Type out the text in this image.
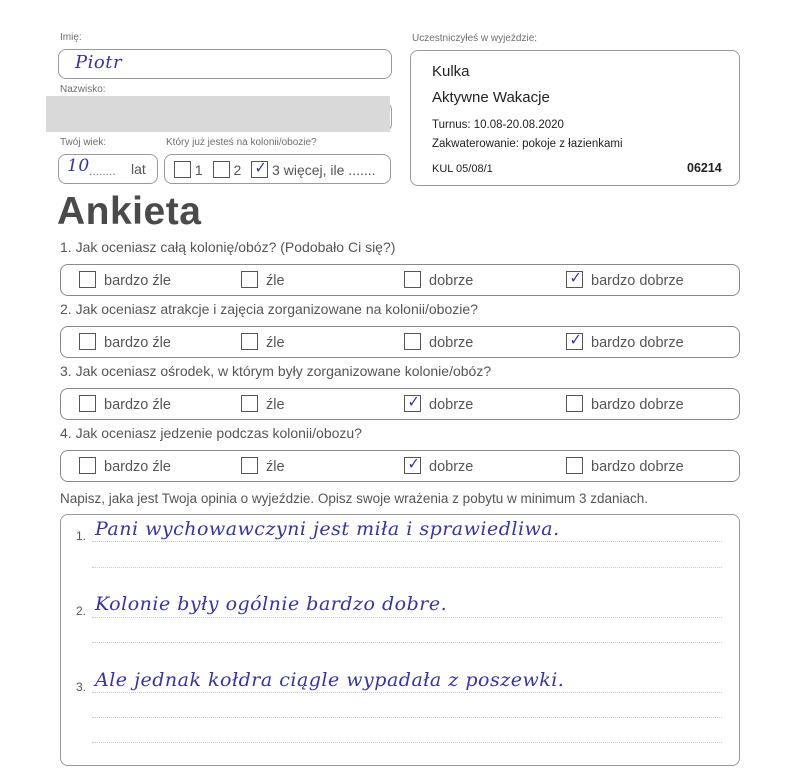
Imię:
Piotr
Nazwisko:
Twój wiek:
10 ........ lat
Który już jesteś na kolonii/obozie?
1 2 ✓ 3 więcej, ile .......
Uczestniczyłeś w wyjeździe:
Kulka
Aktywne Wakacje
Turnus: 10.08-20.08.2020
Zakwaterowanie: pokoje z łazienkami
KUL 05/08/1	06214
Ankieta
1. Jak oceniasz całą kolonię/obóz? (Podobało Ci się?)
bardzo źle	źle	dobrze	✓ bardzo dobrze
2. Jak oceniasz atrakcje i zajęcia zorganizowane na kolonii/obozie?
bardzo źle	źle	dobrze	✓ bardzo dobrze
3. Jak oceniasz ośrodek, w którym były zorganizowane kolonie/obóz?
bardzo źle	źle	✓ dobrze	bardzo dobrze
4. Jak oceniasz jedzenie podczas kolonii/obozu?
bardzo źle	źle	✓ dobrze	bardzo dobrze
Napisz, jaka jest Twoja opinia o wyjeździe. Opisz swoje wrażenia z pobytu w minimum 3 zdaniach.
1. Pani wychowawczyni jest miła i sprawiedliwa.
2. Kolonie były ogólnie bardzo dobre.
3. Ale jednak kołdra ciągle wypadała z poszewki.
